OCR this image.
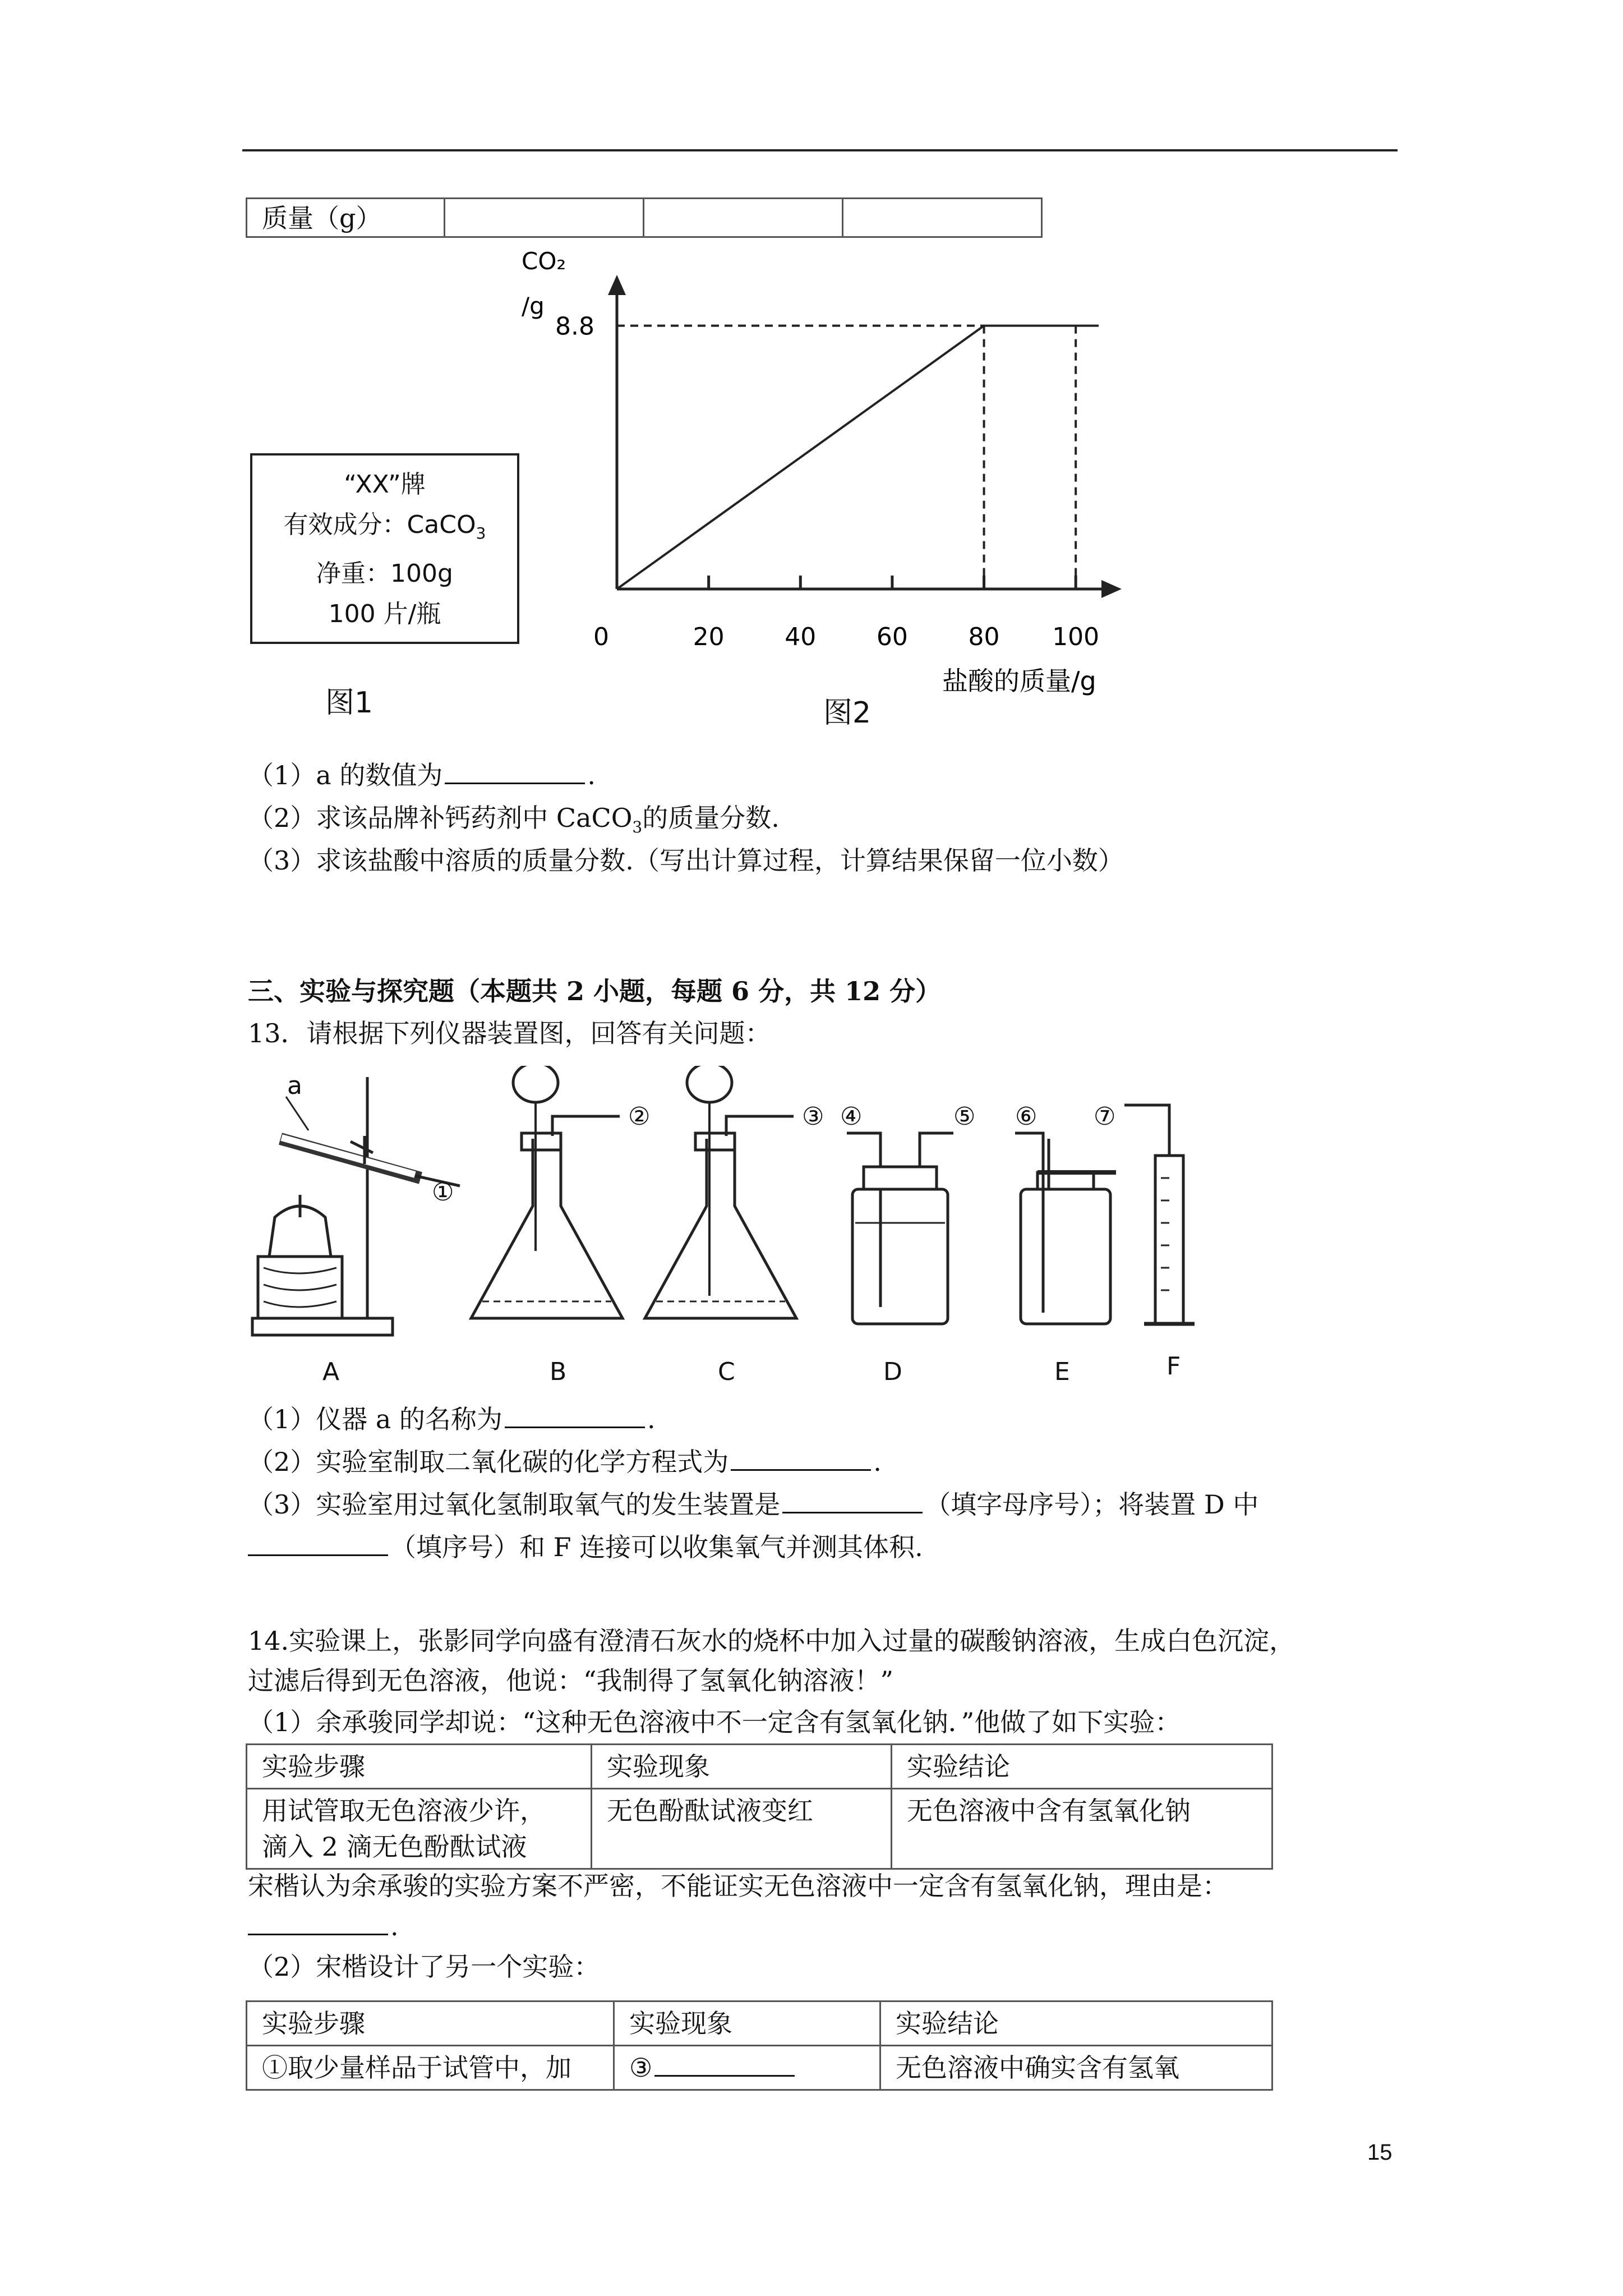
质量（g）			
“XX”牌
有效成分：CaCO$_3$
净重：100g
100 片/瓶
图1
0	20 40 60 80 100
8.8
CO₂
/g
盐酸的质量/g
图2
（1）a 的数值为	.
（2）求该品牌补钙药剂中 CaCO$_3$的质量分数.
（3）求该盐酸中溶质的质量分数.（写出计算过程，计算结果保留一位小数）
三、实验与探究题（本题共 2 小题，每题 6 分，共 12 分）
13．请根据下列仪器装置图，回答有关问题：
a
①
②	③ ④	⑤ ⑥ ⑦
A	B	C	D	E	F
（1）仪器 a 的名称为	.
（2）实验室制取二氧化碳的化学方程式为	.
（3）实验室用过氧化氢制取氧气的发生装置是	（填字母序号）；将装置 D 中
（填序号）和 F 连接可以收集氧气并测其体积.
14.实验课上，张影同学向盛有澄清石灰水的烧杯中加入过量的碳酸钠溶液，生成白色沉淀，
过滤后得到无色溶液，他说：“我制得了氢氧化钠溶液！”
（1）余承骏同学却说：“这种无色溶液中不一定含有氢氧化钠．”他做了如下实验：
实验步骤	实验现象	实验结论

用试管取无色溶液少许，
滴入 2 滴无色酚酞试液	无色酚酞试液变红	无色溶液中含有氢氧化钠
宋楷认为余承骏的实验方案不严密，不能证实无色溶液中一定含有氢氧化钠，理由是：
.
（2）宋楷设计了另一个实验：
实验步骤	实验现象	实验结论
①取少量样品于试管中，加	③	无色溶液中确实含有氢氧
15
